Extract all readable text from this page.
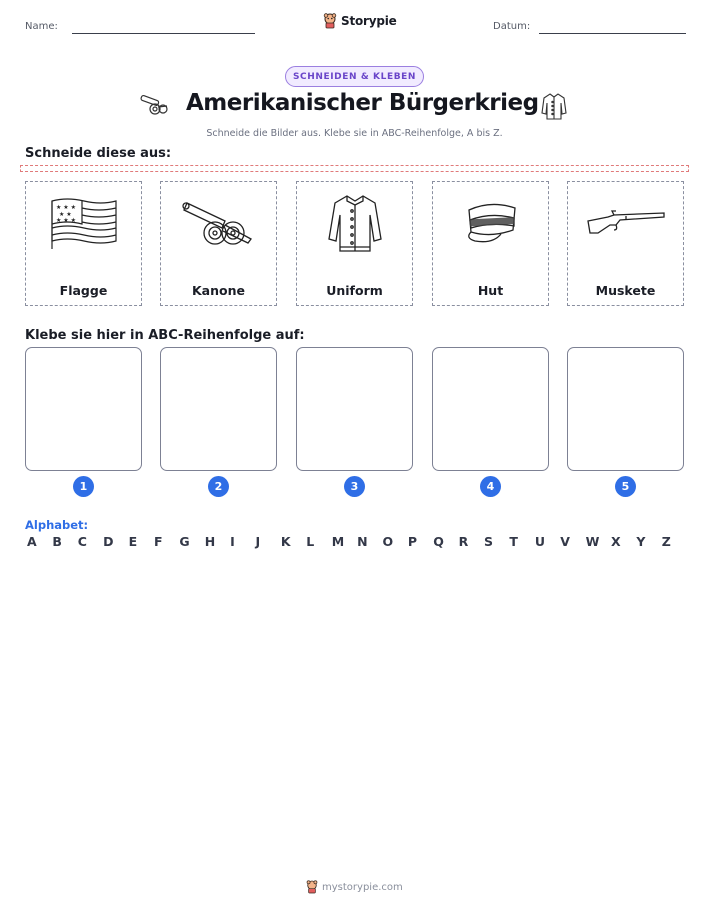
Name:	Storypie	Datum:
SCHNEIDEN & KLEBEN
Amerikanischer Bürgerkrieg
Schneide die Bilder aus. Klebe sie in ABC-Reihenfolge, A bis Z.
Schneide diese aus:
★ ★ ★
★ ★
★ ★ ★
Flagge	Kanone	Uniform	Hut	Muskete
Klebe sie hier in ABC-Reihenfolge auf:
1	2	3	4	5
Alphabet:
A	B	C	D	E	F	G	H	I	J	K	L	M	N	O	P	Q	R	S	T	U	V	W X	Y	Z
mystorypie.com
